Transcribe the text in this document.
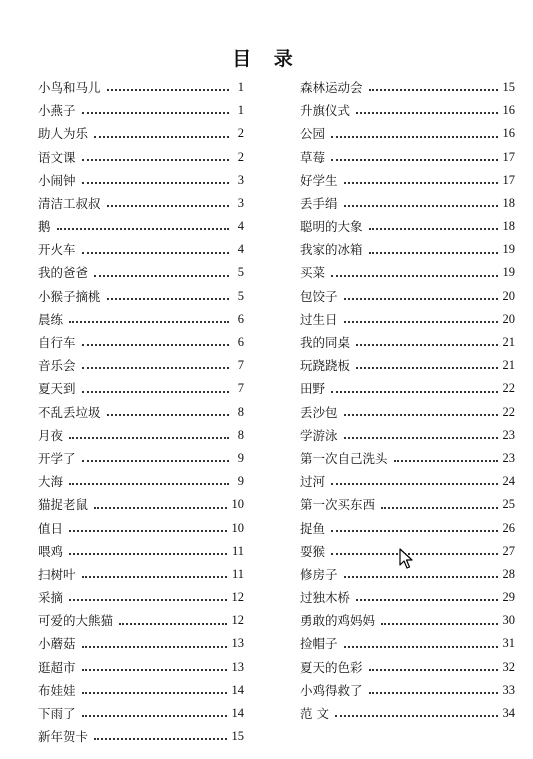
目 录
小鸟和马儿	1
小燕子	1
助人为乐	2
语文课	2
小闹钟	3
清洁工叔叔	3
鹅	4
开火车	4
我的爸爸	5
小猴子摘桃	5
晨练	6
自行车	6
音乐会	7
夏天到	7
不乱丢垃圾	8
月夜	8
开学了	9
大海	9
猫捉老鼠	10
值日	10
喂鸡	11
扫树叶	11
采摘	12
可爱的大熊猫	12
小蘑菇	13
逛超市	13
布娃娃	14
下雨了	14
新年贺卡	15
森林运动会	15
升旗仪式	16
公园	16
草莓	17
好学生	17
丢手绢	18
聪明的大象	18
我家的冰箱	19
买菜	19
包饺子	20
过生日	20
我的同桌	21
玩跷跷板	21
田野	22
丢沙包	22
学游泳	23
第一次自己洗头	23
过河	24
第一次买东西	25
捉鱼	26
耍猴	27
修房子	28
过独木桥	29
勇敢的鸡妈妈	30
捡帽子	31
夏天的色彩	32
小鸡得救了	33
范 文	34
